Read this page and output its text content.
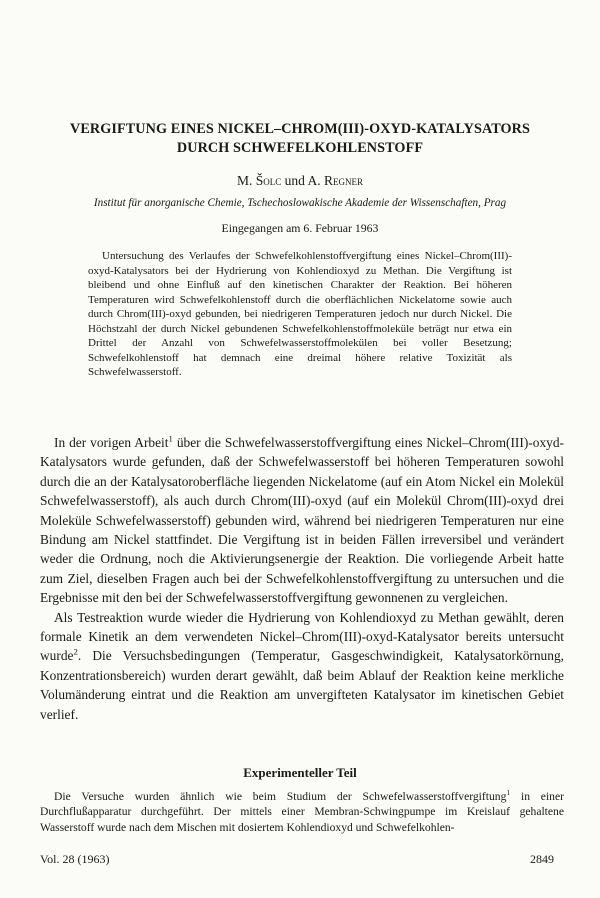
VERGIFTUNG EINES NICKEL–CHROM(III)-OXYD-KATALYSATORS
DURCH SCHWEFELKOHLENSTOFF
M. Šolc und A. Regner
Institut für anorganische Chemie, Tschechoslowakische Akademie der Wissenschaften, Prag
Eingegangen am 6. Februar 1963

Untersuchung des Verlaufes der Schwefelkohlenstoffvergiftung eines Nickel–Chrom(III)-oxyd-Katalysators bei der Hydrierung von Kohlendioxyd zu Methan. Die Vergiftung ist bleibend und ohne Einfluß auf den kinetischen Charakter der Reaktion. Bei höheren Temperaturen wird Schwefelkohlenstoff durch die oberflächlichen Nickelatome sowie auch durch Chrom(III)-oxyd gebunden, bei niedrigeren Temperaturen jedoch nur durch Nickel. Die Höchstzahl der durch Nickel gebundenen Schwefelkohlenstoffmoleküle beträgt nur etwa ein Drittel der Anzahl von Schwefelwasserstoffmolekülen bei voller Besetzung; Schwefelkohlenstoff hat demnach eine dreimal höhere relative Toxizität als Schwefelwasserstoff.

In der vorigen Arbeit$^1$ über die Schwefelwasserstoffvergiftung eines Nickel–Chrom(III)-oxyd-Katalysators wurde gefunden, daß der Schwefelwasserstoff bei höheren Temperaturen sowohl durch die an der Katalysatoroberfläche liegenden Nickelatome (auf ein Atom Nickel ein Molekül Schwefelwasserstoff), als auch durch Chrom(III)-oxyd (auf ein Molekül Chrom(III)-oxyd drei Moleküle Schwefelwasserstoff) gebunden wird, während bei niedrigeren Temperaturen nur eine Bindung am Nickel stattfindet. Die Vergiftung ist in beiden Fällen irreversibel und verändert weder die Ordnung, noch die Aktivierungsenergie der Reaktion. Die vorliegende Arbeit hatte zum Ziel, dieselben Fragen auch bei der Schwefelkohlenstoffvergiftung zu untersuchen und die Ergebnisse mit den bei der Schwefelwasserstoffvergiftung gewonnenen zu vergleichen.

Als Testreaktion wurde wieder die Hydrierung von Kohlendioxyd zu Methan gewählt, deren formale Kinetik an dem verwendeten Nickel–Chrom(III)-oxyd-Katalysator bereits untersucht wurde$^2$. Die Versuchsbedingungen (Temperatur, Gasgeschwindigkeit, Katalysatorkörnung, Konzentrationsbereich) wurden derart gewählt, daß beim Ablauf der Reaktion keine merkliche Volumänderung eintrat und die Reaktion am unvergifteten Katalysator im kinetischen Gebiet verlief.

Experimenteller Teil

Die Versuche wurden ähnlich wie beim Studium der Schwefelwasserstoffvergiftung$^1$ in einer Durchflußapparatur durchgeführt. Der mittels einer Membran-Schwingpumpe im Kreislauf gehaltene Wasserstoff wurde nach dem Mischen mit dosiertem Kohlendioxyd und Schwefelkohlen-

Vol. 28 (1963)	2849
